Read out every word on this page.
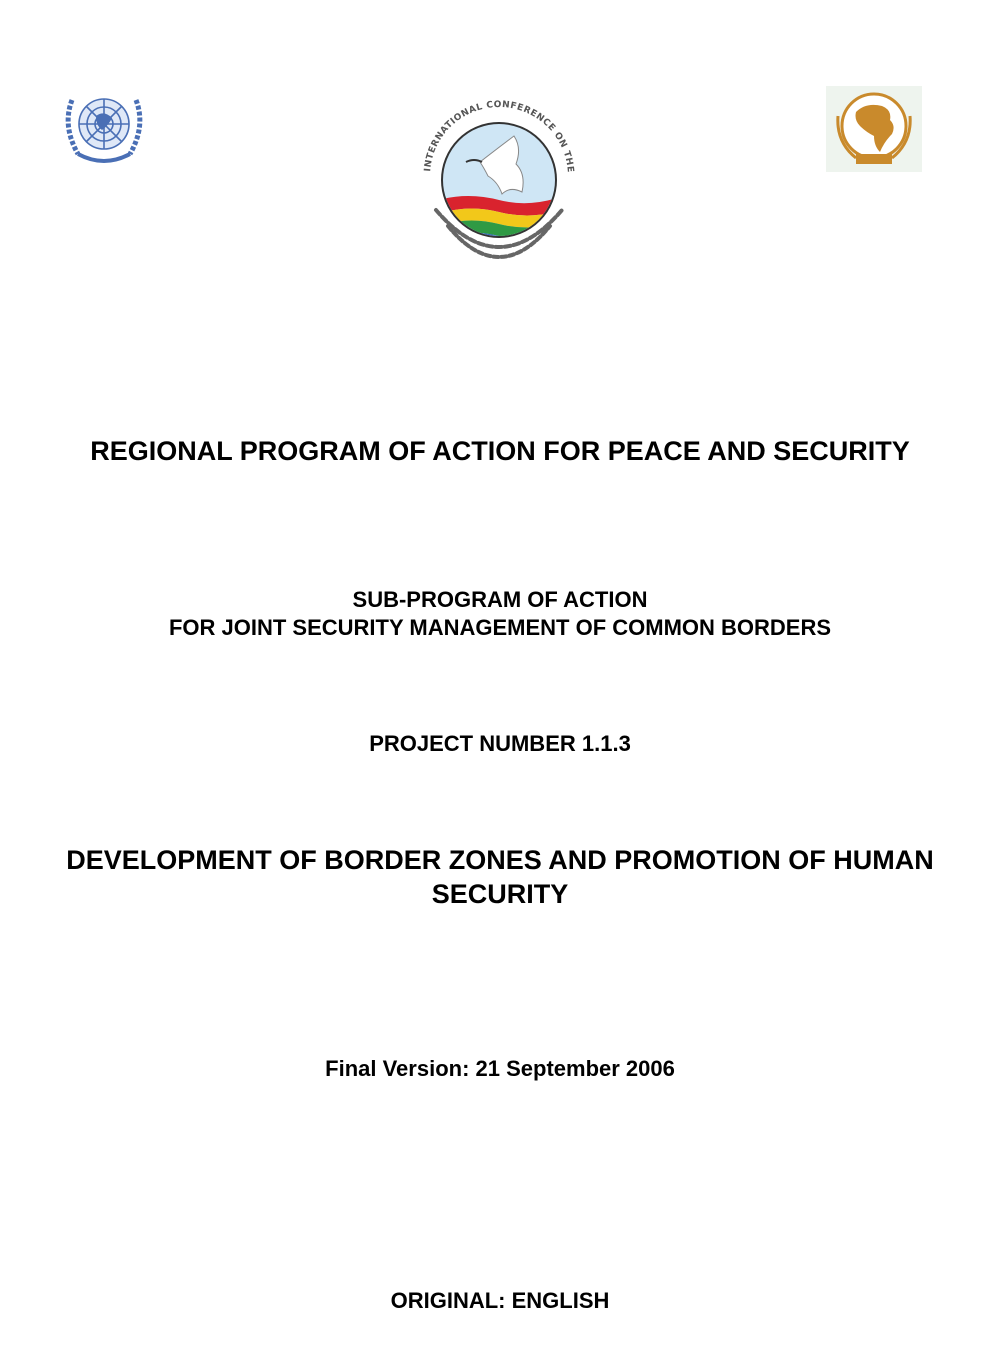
INTERNATIONAL CONFERENCE ON THE

REGIONAL PROGRAM OF ACTION FOR PEACE AND SECURITY

SUB-PROGRAM OF ACTION

FOR JOINT SECURITY MANAGEMENT OF COMMON BORDERS

PROJECT NUMBER 1.1.3

DEVELOPMENT OF BORDER ZONES AND PROMOTION OF HUMAN

SECURITY

Final Version: 21 September 2006

ORIGINAL: ENGLISH
